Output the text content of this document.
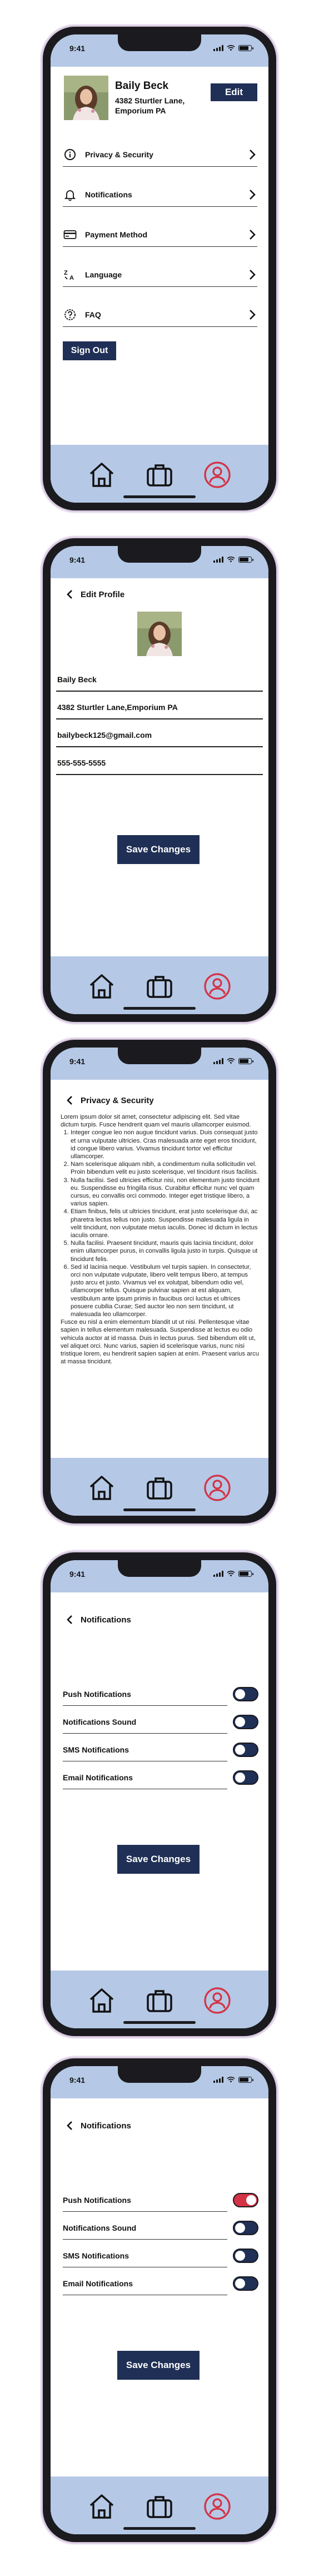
9:41
Baily Beck
4382 Sturtler Lane, Emporium PA
Edit
Privacy & Security
Notifications
Payment Method
Z
A Language
FAQ
Sign Out
9:41
Edit Profile
Baily Beck
4382 Sturtler Lane,Emporium PA
bailybeck125@gmail.com
555-555-5555
Save Changes
9:41
Privacy & Security

Lorem ipsum dolor sit amet, consectetur adipiscing elit. Sed vitae dictum turpis. Fusce hendrerit quam vel mauris ullamcorper euismod.

1. Integer congue leo non augue tincidunt varius. Duis consequat justo et urna vulputate ultricies. Cras malesuada ante eget eros tincidunt, id congue libero varius. Vivamus tincidunt tortor vel efficitur ullamcorper.
2. Nam scelerisque aliquam nibh, a condimentum nulla sollicitudin vel. Proin bibendum velit eu justo scelerisque, vel tincidunt risus facilisis.
3. Nulla facilisi. Sed ultricies efficitur nisi, non elementum justo tincidunt eu. Suspendisse eu fringilla risus. Curabitur efficitur nunc vel quam cursus, eu convallis orci commodo. Integer eget tristique libero, a varius sapien.
4. Etiam finibus, felis ut ultricies tincidunt, erat justo scelerisque dui, ac pharetra lectus tellus non justo. Suspendisse malesuada ligula in velit tincidunt, non vulputate metus iaculis. Donec id dictum in lectus iaculis ornare.
5. Nulla facilisi. Praesent tincidunt, mauris quis lacinia tincidunt, dolor enim ullamcorper purus, in convallis ligula justo in turpis. Quisque ut tincidunt felis.
6. Sed id lacinia neque. Vestibulum vel turpis sapien. In consectetur, orci non vulputate vulputate, libero velit tempus libero, at tempus justo arcu et justo. Vivamus vel ex volutpat, bibendum odio vel, ullamcorper tellus. Quisque pulvinar sapien at est aliquam, vestibulum ante ipsum primis in faucibus orci luctus et ultrices posuere cubilia Curae; Sed auctor leo non sem tincidunt, ut malesuada leo ullamcorper.

Fusce eu nisl a enim elementum blandit ut ut nisi. Pellentesque vitae sapien in tellus elementum malesuada. Suspendisse at lectus eu odio vehicula auctor at id massa. Duis in lectus purus. Sed bibendum elit ut, vel aliquet orci. Nunc varius, sapien id scelerisque varius, nunc nisi tristique lorem, eu hendrerit sapien sapien at enim. Praesent varius arcu at massa tincidunt.

9:41
Notifications
Push Notifications
Notifications Sound
SMS Notifications
Email Notifications
Save Changes
9:41
Notifications
Push Notifications
Notifications Sound
SMS Notifications
Email Notifications
Save Changes
